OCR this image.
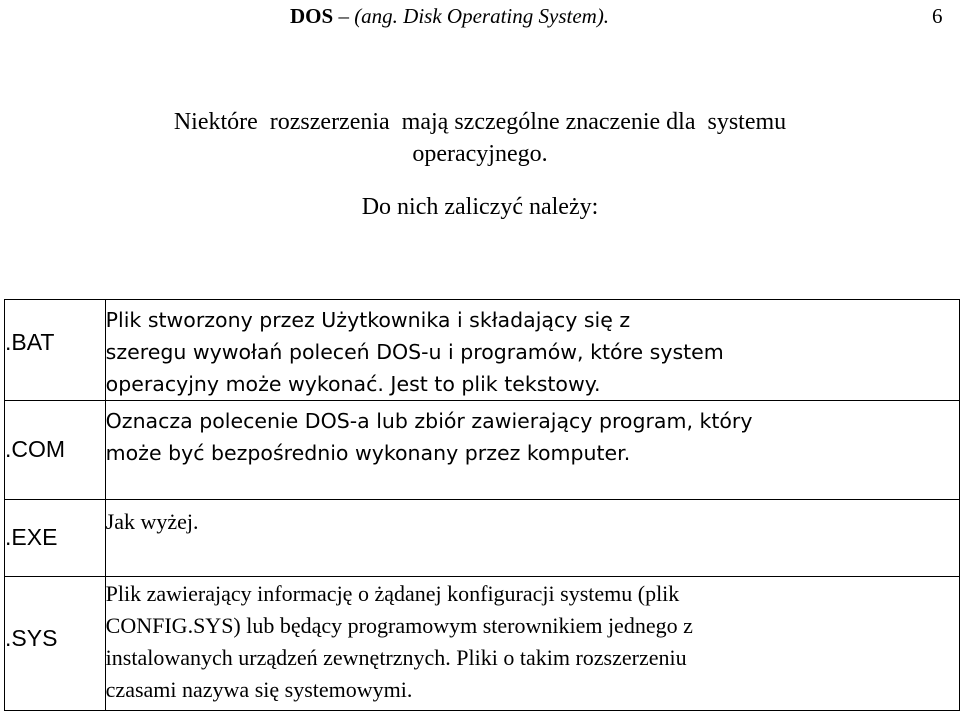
DOS – (ang. Disk Operating System).	6
Niektóre  rozszerzenia  mają szczególne znaczenie dla  systemu
operacyjnego.
Do nich zaliczyć należy:
.BAT	Plik stworzony przez Użytkownika i składający się z
szeregu wywołań poleceń DOS-u i programów, które system
operacyjny może wykonać. Jest to plik tekstowy.

.COM	Oznacza polecenie DOS-a lub zbiór zawierający program, który
może być bezpośrednio wykonany przez komputer.

.EXE	Jak wyżej.

.SYS	Plik zawierający informację o żądanej konfiguracji systemu (plik
CONFIG.SYS) lub będący programowym sterownikiem jednego z
instalowanych urządzeń zewnętrznych. Pliki o takim rozszerzeniu
czasami nazywa się systemowymi.
